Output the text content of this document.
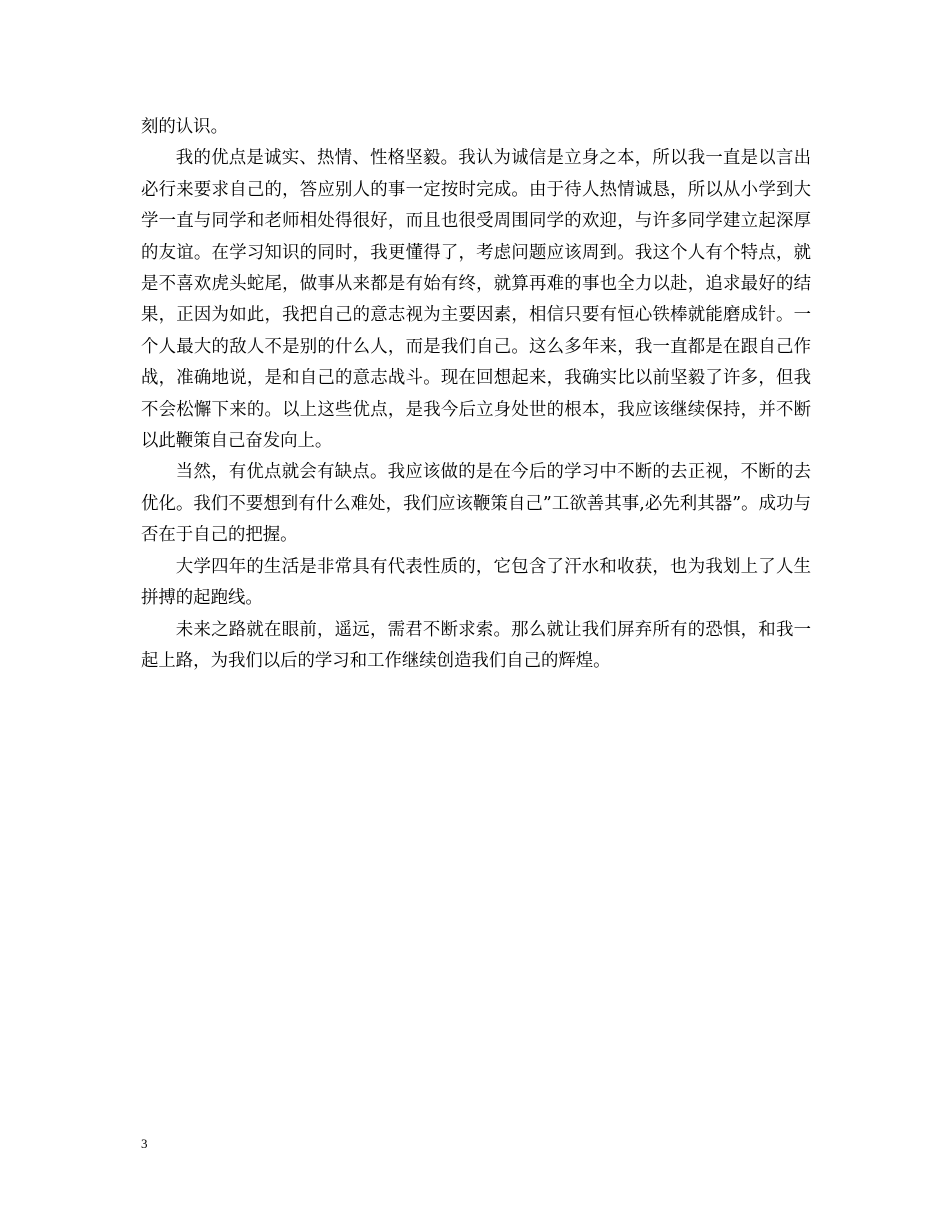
刻的认识。

我的优点是诚实、热情、性格坚毅。我认为诚信是立身之本，所以我一直是以言出必行来要求自己的，答应别人的事一定按时完成。由于待人热情诚恳，所以从小学到大学一直与同学和老师相处得很好，而且也很受周围同学的欢迎，与许多同学建立起深厚的友谊。在学习知识的同时，我更懂得了，考虑问题应该周到。我这个人有个特点，就是不喜欢虎头蛇尾，做事从来都是有始有终，就算再难的事也全力以赴，追求最好的结果，正因为如此，我把自己的意志视为主要因素，相信只要有恒心铁棒就能磨成针。一个人最大的敌人不是别的什么人，而是我们自己。这么多年来，我一直都是在跟自己作战，准确地说，是和自己的意志战斗。现在回想起来，我确实比以前坚毅了许多，但我不会松懈下来的。以上这些优点，是我今后立身处世的根本，我应该继续保持，并不断以此鞭策自己奋发向上。

当然，有优点就会有缺点。我应该做的是在今后的学习中不断的去正视，不断的去优化。我们不要想到有什么难处，我们应该鞭策自己”工欲善其事,必先利其器”。成功与否在于自己的把握。

大学四年的生活是非常具有代表性质的，它包含了汗水和收获，也为我划上了人生拼搏的起跑线。

未来之路就在眼前，遥远，需君不断求索。那么就让我们屏弃所有的恐惧，和我一起上路，为我们以后的学习和工作继续创造我们自己的辉煌。

3
